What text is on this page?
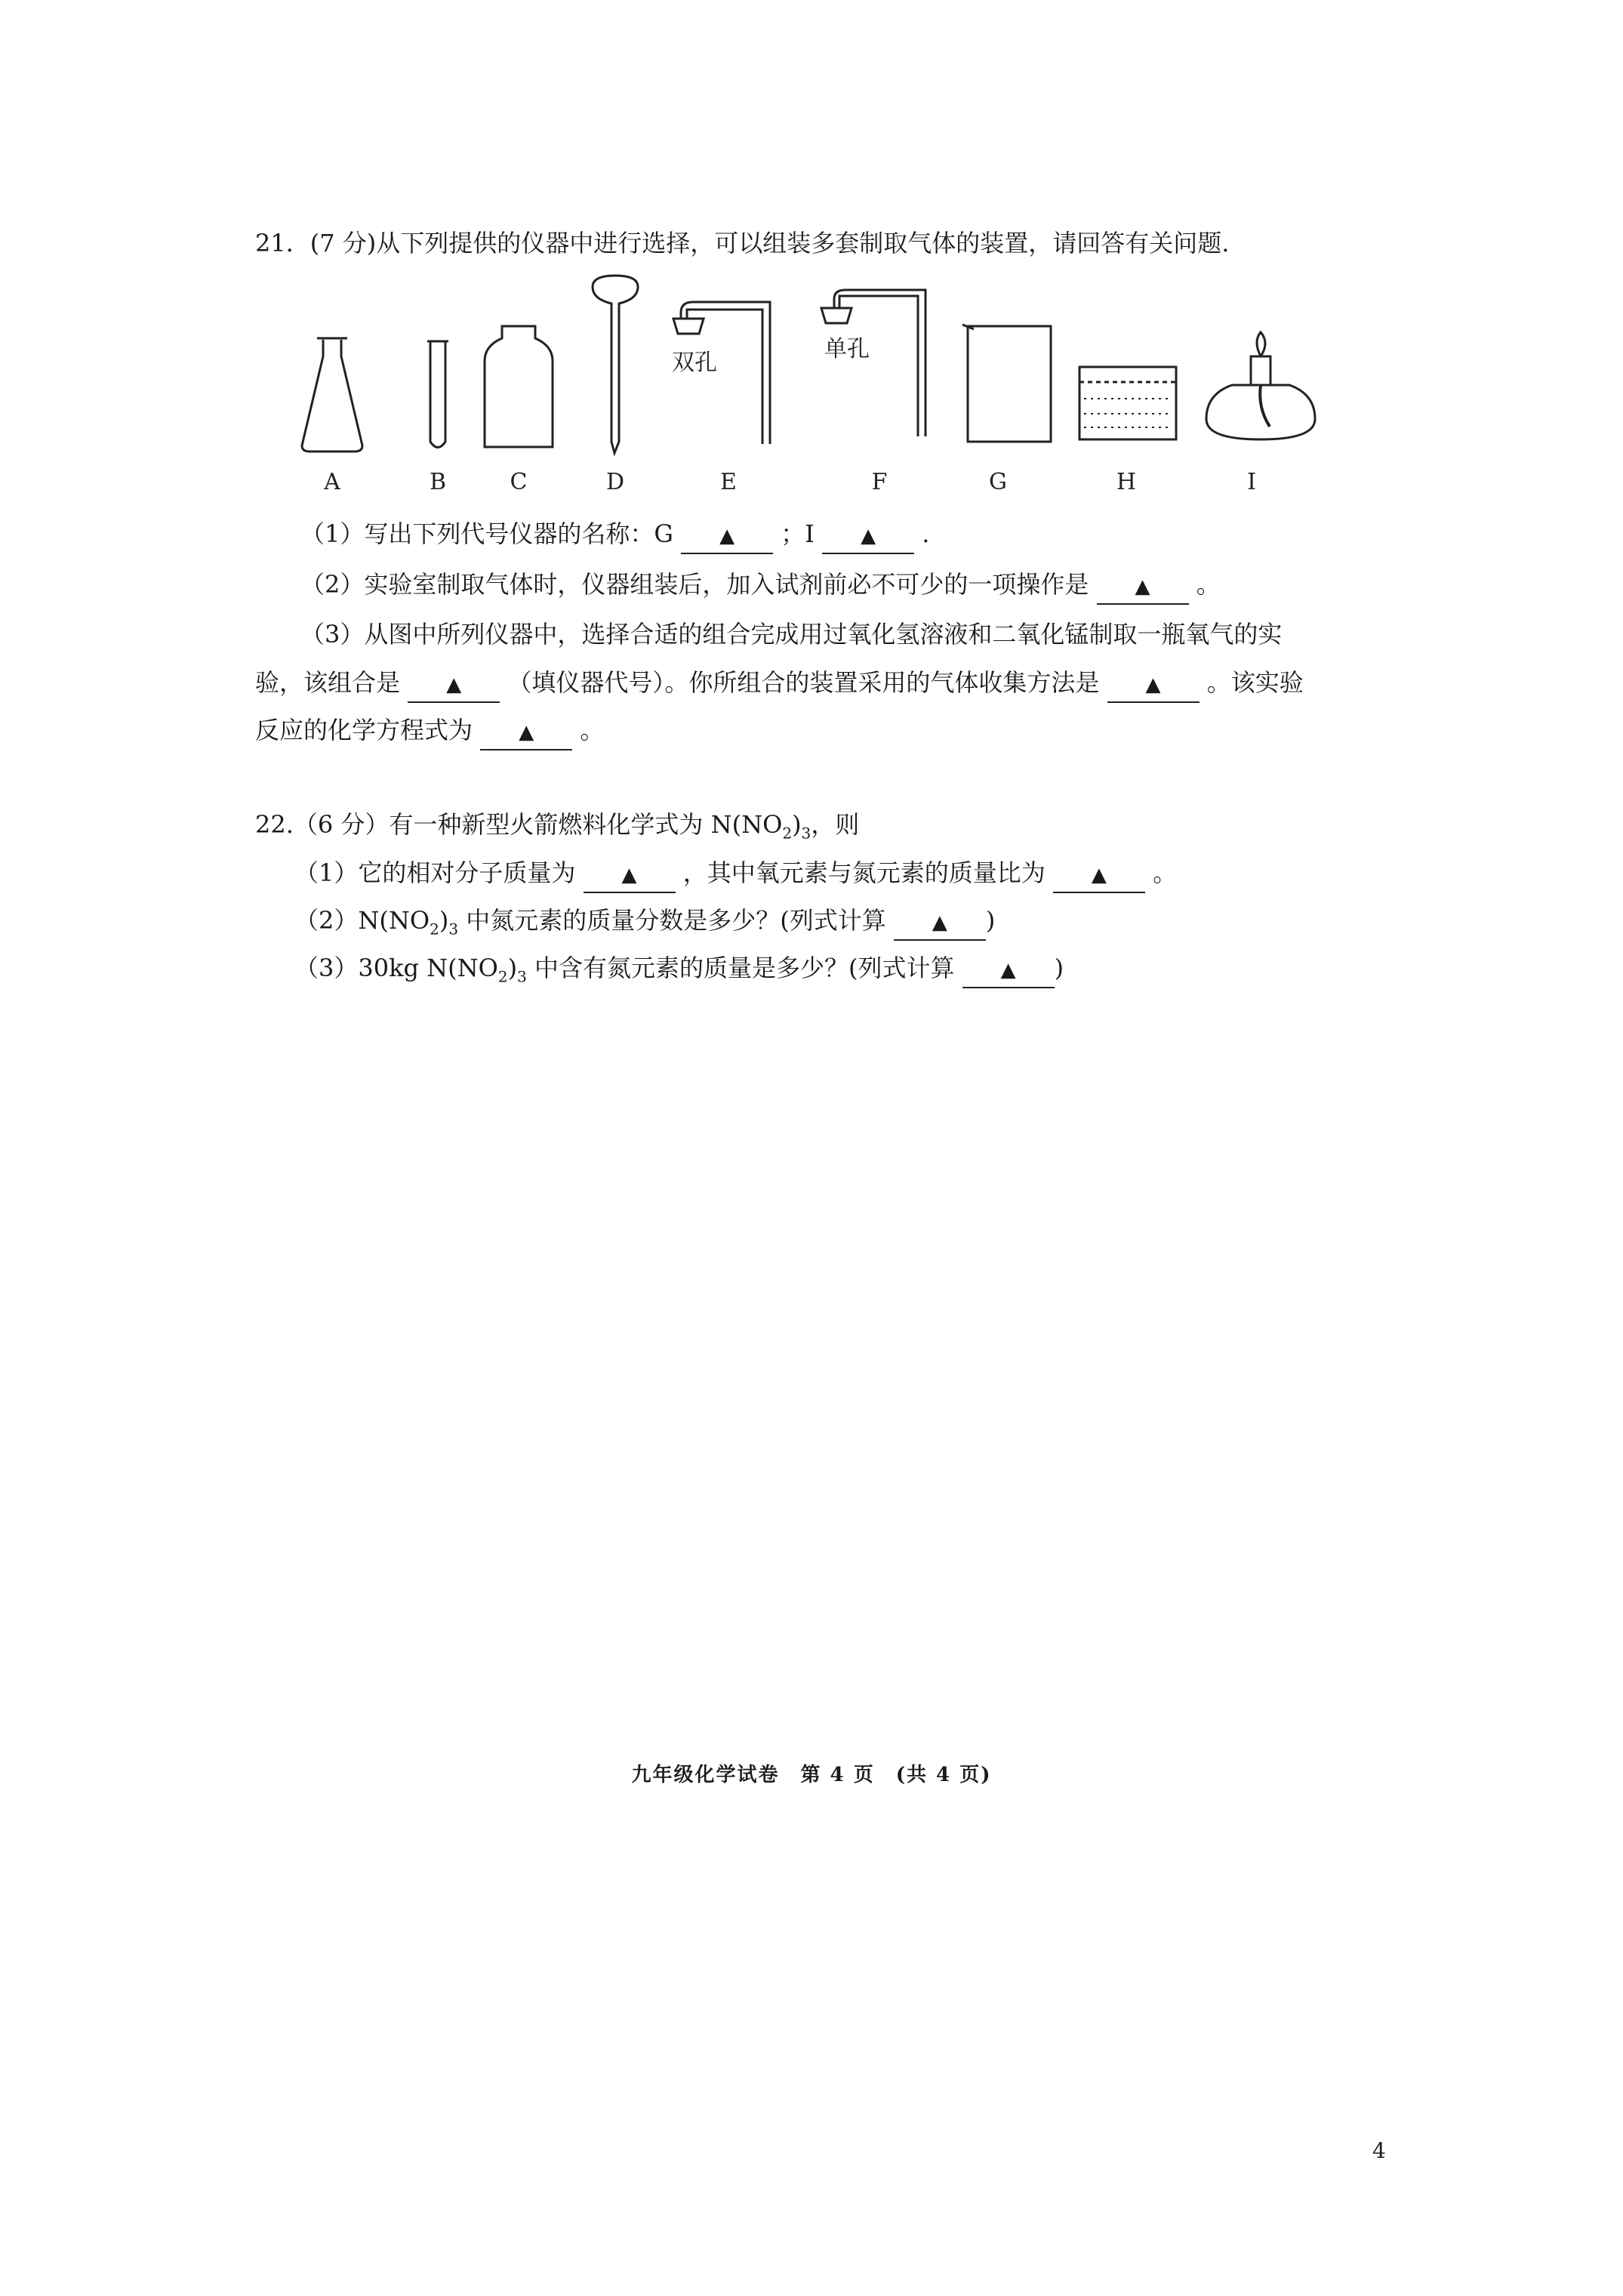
21．(7 分)从下列提供的仪器中进行选择，可以组装多套制取气体的装置，请回答有关问题.
双孔
单孔
A	B	C	D	E	F	G	H	I
（1）写出下列代号仪器的名称：G ▲ ；I ▲ .
（2）实验室制取气体时，仪器组装后，加入试剂前必不可少的一项操作是 ▲ 。
（3）从图中所列仪器中，选择合适的组合完成用过氧化氢溶液和二氧化锰制取一瓶氧气的实
验，该组合是 ▲ （填仪器代号）。你所组合的装置采用的气体收集方法是 ▲ 。该实验
反应的化学方程式为 ▲ 。
22.（6 分）有一种新型火箭燃料化学式为 $N(NO_2)_3$，则
（1）它的相对分子质量为 ▲ ，其中氧元素与氮元素的质量比为 ▲ 。
$(2)N(NO_2)_3$ 中氮元素的质量分数是多少？(列式计算 ▲ )
（3）30kg $N(NO_2)_3$ 中含有氮元素的质量是多少？(列式计算 ▲ )
九年级化学试卷　第 4 页　(共 4 页)
4
